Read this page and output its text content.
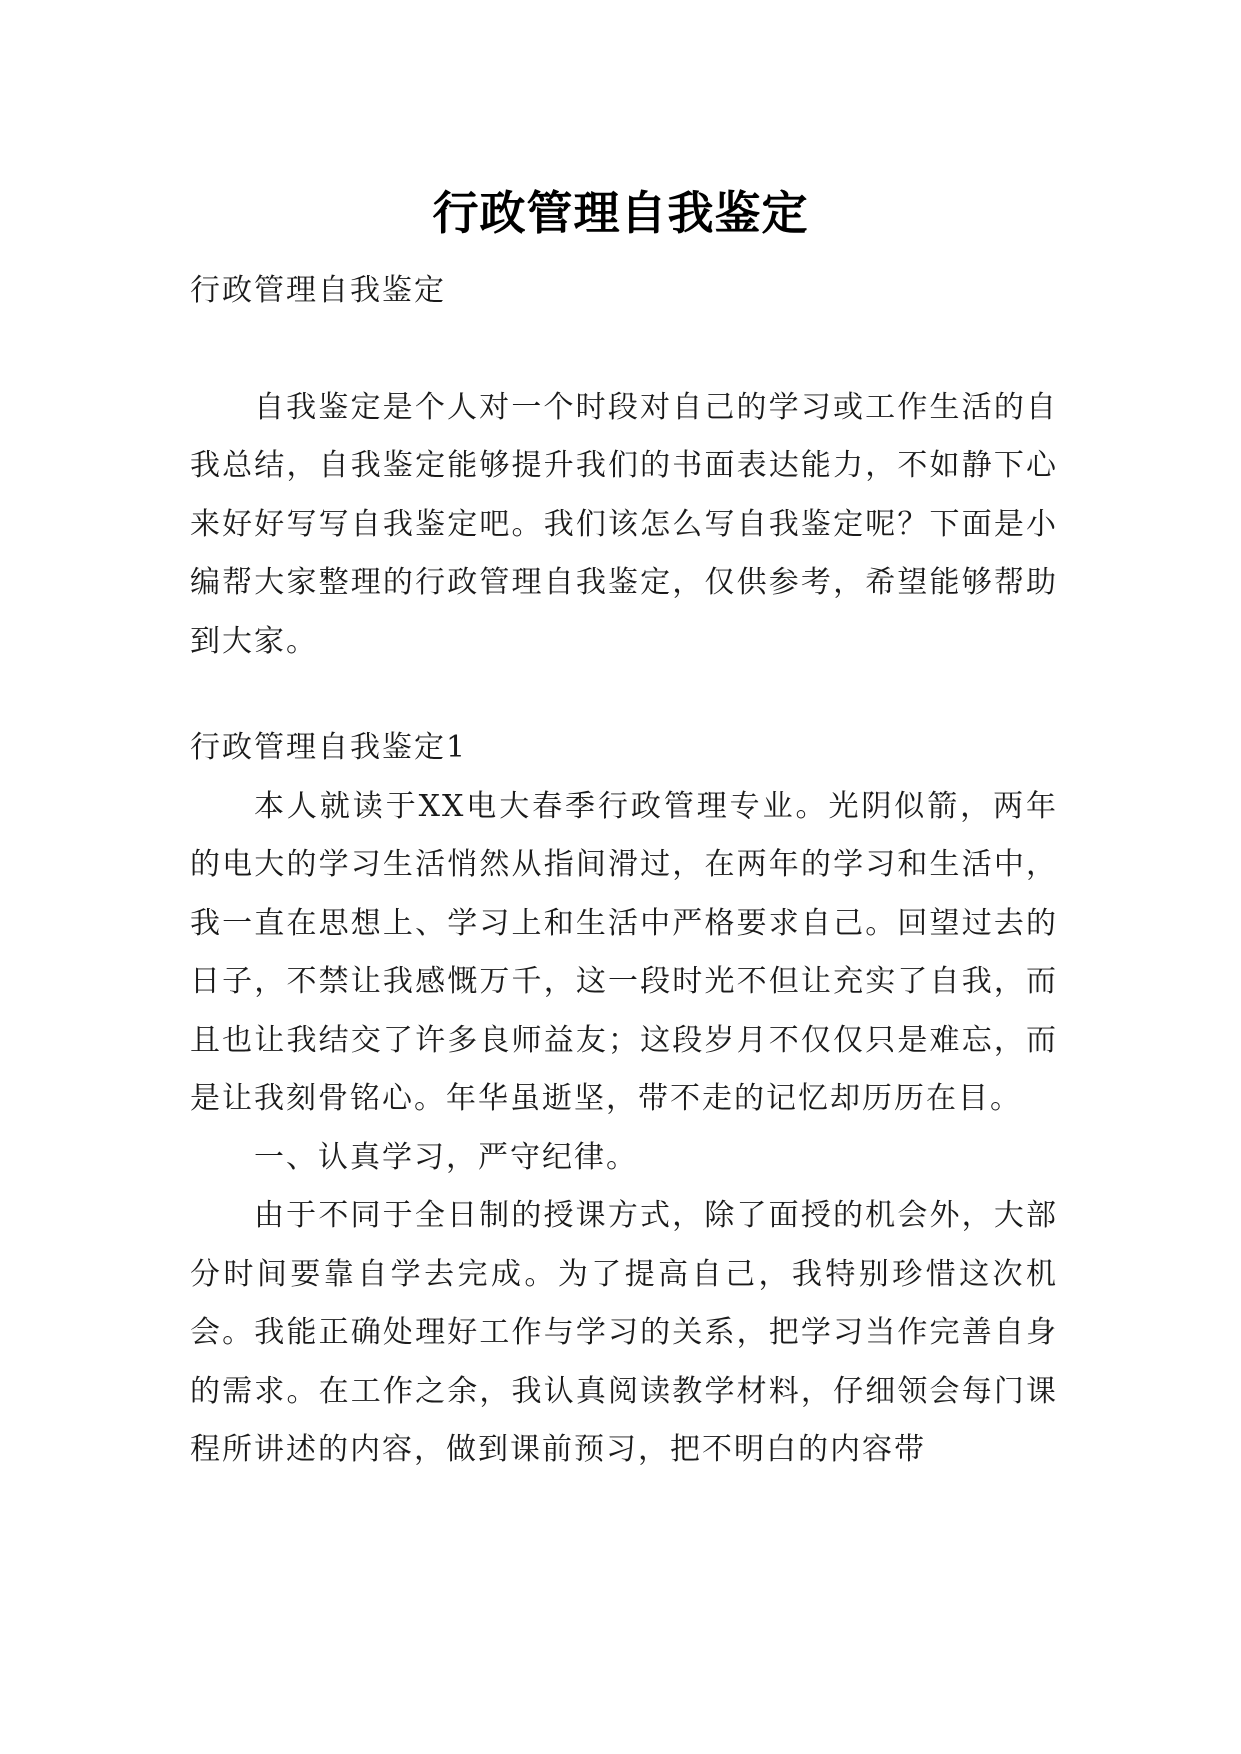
行政管理自我鉴定

行政管理自我鉴定

自我鉴定是个人对一个时段对自己的学习或工作生活的自我总结，自我鉴定能够提升我们的书面表达能力，不如静下心来好好写写自我鉴定吧。我们该怎么写自我鉴定呢？下面是小编帮大家整理的行政管理自我鉴定，仅供参考，希望能够帮助到大家。

行政管理自我鉴定1

本人就读于XX电大春季行政管理专业。光阴似箭，两年的电大的学习生活悄然从指间滑过，在两年的学习和生活中，我一直在思想上、学习上和生活中严格要求自己。回望过去的日子，不禁让我感慨万千，这一段时光不但让充实了自我，而且也让我结交了许多良师益友；这段岁月不仅仅只是难忘，而是让我刻骨铭心。年华虽逝坚，带不走的记忆却历历在目。

一、认真学习，严守纪律。

由于不同于全日制的授课方式，除了面授的机会外，大部分时间要靠自学去完成。为了提高自己，我特别珍惜这次机会。我能正确处理好工作与学习的关系，把学习当作完善自身的需求。在工作之余，我认真阅读教学材料，仔细领会每门课程所讲述的内容，做到课前预习，把不明白的内容带
